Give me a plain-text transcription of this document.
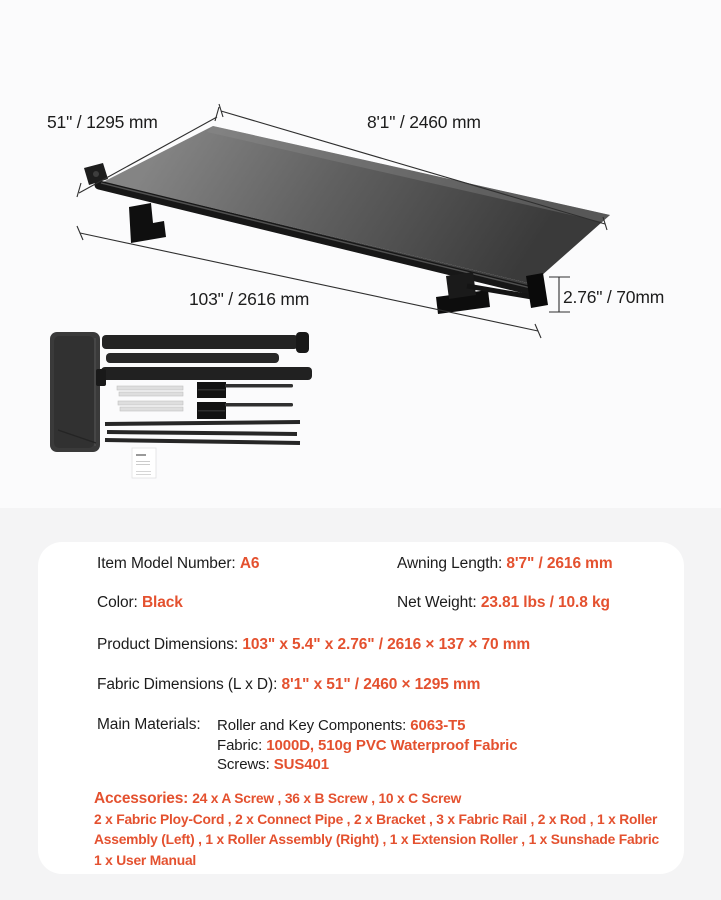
51" / 1295 mm	8'1" / 2460 mm
103" / 2616 mm	2.76" / 70mm
Item Model Number: A6	Awning Length: 8'7" / 2616 mm
Color: Black	Net Weight: 23.81 lbs / 10.8 kg
Product Dimensions: 103" x 5.4" x 2.76" / 2616 × 137 × 70 mm
Fabric Dimensions (L x D): 8'1" x 51" / 2460 × 1295 mm
Main Materials: Roller and Key Components: 6063-T5
Fabric: 1000D, 510g PVC Waterproof Fabric
Screws: SUS401
Accessories: 24 x A Screw , 36 x B Screw , 10 x C Screw
2 x Fabric Ploy-Cord , 2 x Connect Pipe , 2 x Bracket , 3 x Fabric Rail , 2 x Rod , 1 x Roller
Assembly (Left) , 1 x Roller Assembly (Right) , 1 x Extension Roller , 1 x Sunshade Fabric
1 x User Manual
